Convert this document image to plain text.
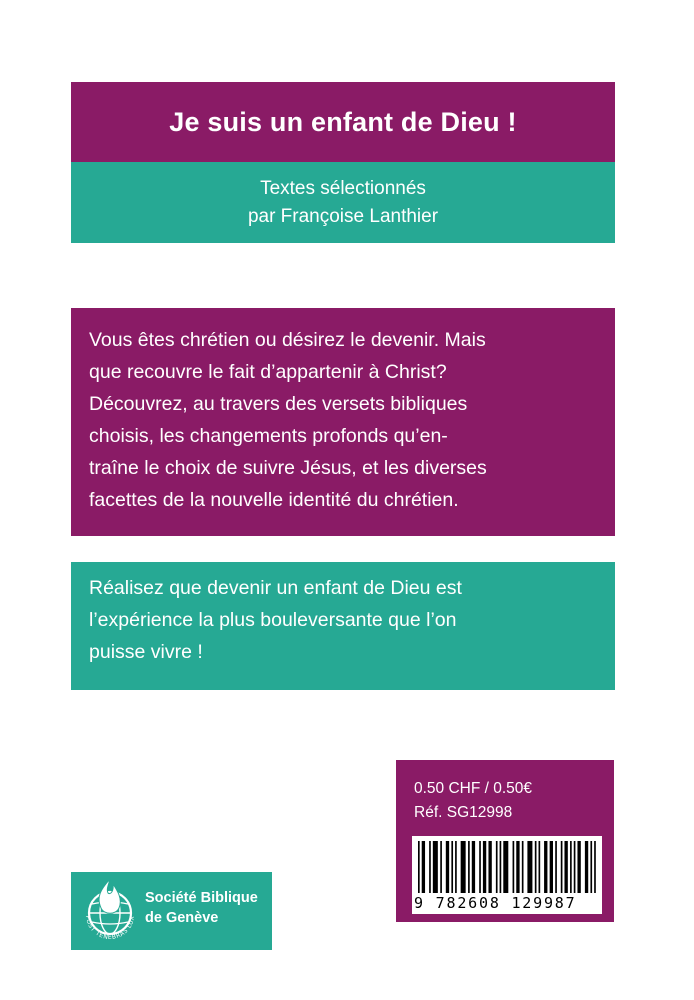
Je suis un enfant de Dieu !
Textes sélectionnés
par Françoise Lanthier

Vous êtes chrétien ou désirez le devenir. Mais

que recouvre le fait d’appartenir à Christ?

Découvrez, au travers des versets bibliques

choisis, les changements profonds qu’en-

traîne le choix de suivre Jésus, et les diverses

facettes de la nouvelle identité du chrétien.

Réalisez que devenir un enfant de Dieu est

l’expérience la plus bouleversante que l’on

puisse vivre !

0.50 CHF / 0.50€
Réf. SG12998
9 782608 129987
POST TENEBRAS LUX
Société Biblique
de Genève
